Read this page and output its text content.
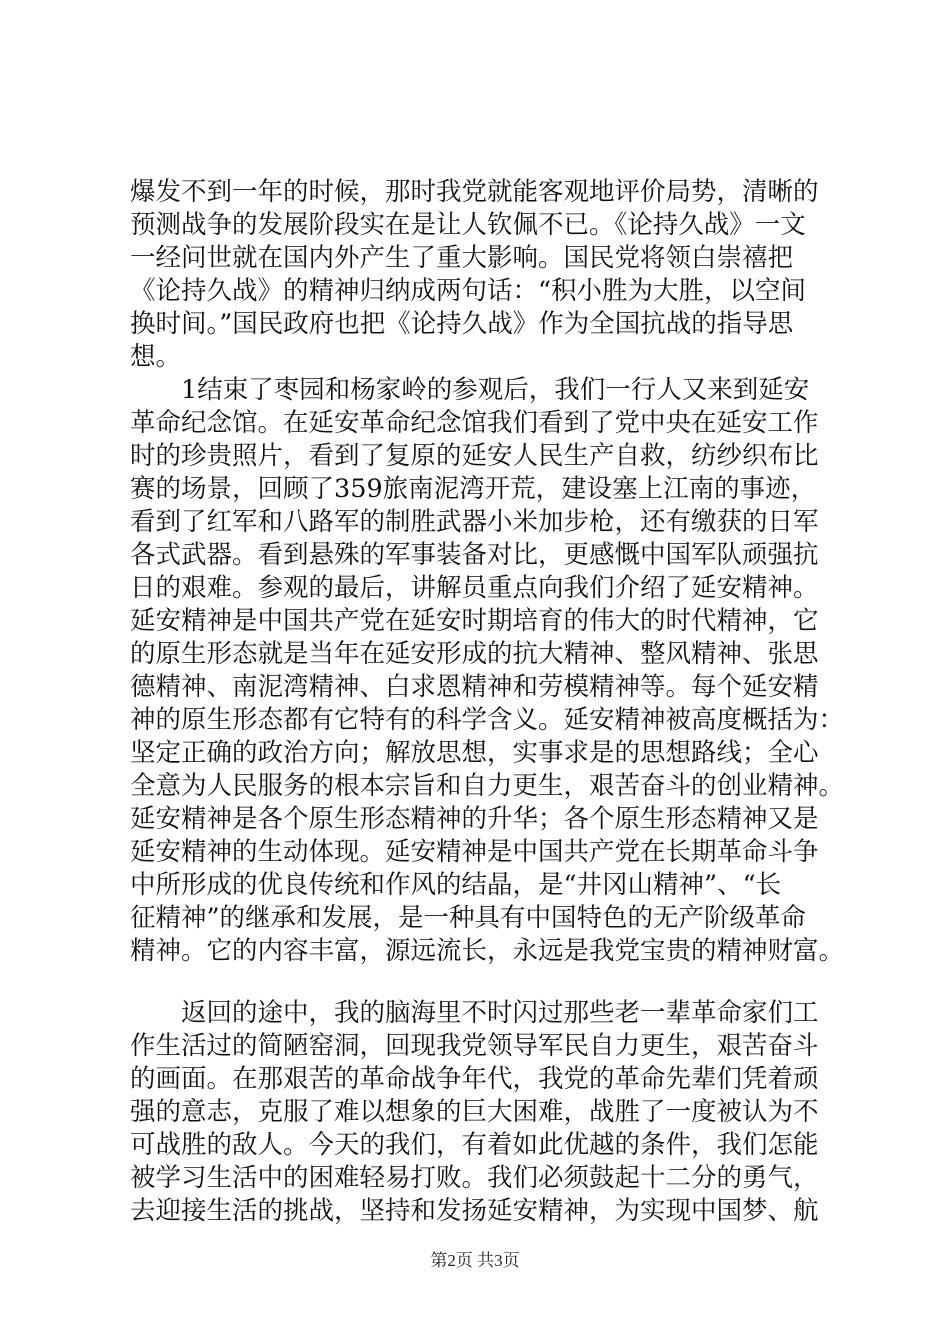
爆发不到一年的时候，那时我党就能客观地评价局势，清晰的
预测战争的发展阶段实在是让人钦佩不已。《论持久战》一文
一经问世就在国内外产生了重大影响。国民党将领白崇禧把
《论持久战》的精神归纳成两句话：“积小胜为大胜，以空间
换时间。”国民政府也把《论持久战》作为全国抗战的指导思
想。
　　1结束了枣园和杨家岭的参观后，我们一行人又来到延安
革命纪念馆。在延安革命纪念馆我们看到了党中央在延安工作
时的珍贵照片，看到了复原的延安人民生产自救，纺纱织布比
赛的场景，回顾了359旅南泥湾开荒，建设塞上江南的事迹，
看到了红军和八路军的制胜武器小米加步枪，还有缴获的日军
各式武器。看到悬殊的军事装备对比，更感慨中国军队顽强抗
日的艰难。参观的最后，讲解员重点向我们介绍了延安精神。
延安精神是中国共产党在延安时期培育的伟大的时代精神，它
的原生形态就是当年在延安形成的抗大精神、整风精神、张思
德精神、南泥湾精神、白求恩精神和劳模精神等。每个延安精
神的原生形态都有它特有的科学含义。延安精神被高度概括为：
坚定正确的政治方向；解放思想，实事求是的思想路线；全心
全意为人民服务的根本宗旨和自力更生，艰苦奋斗的创业精神。
延安精神是各个原生形态精神的升华；各个原生形态精神又是
延安精神的生动体现。延安精神是中国共产党在长期革命斗争
中所形成的优良传统和作风的结晶，是“井冈山精神”、“长
征精神”的继承和发展，是一种具有中国特色的无产阶级革命
精神。它的内容丰富，源远流长，永远是我党宝贵的精神财富。
　　返回的途中，我的脑海里不时闪过那些老一辈革命家们工
作生活过的简陋窑洞，回现我党领导军民自力更生，艰苦奋斗
的画面。在那艰苦的革命战争年代，我党的革命先辈们凭着顽
强的意志，克服了难以想象的巨大困难，战胜了一度被认为不
可战胜的敌人。今天的我们，有着如此优越的条件，我们怎能
被学习生活中的困难轻易打败。我们必须鼓起十二分的勇气，
去迎接生活的挑战，坚持和发扬延安精神，为实现中国梦、航
第2页 共3页
